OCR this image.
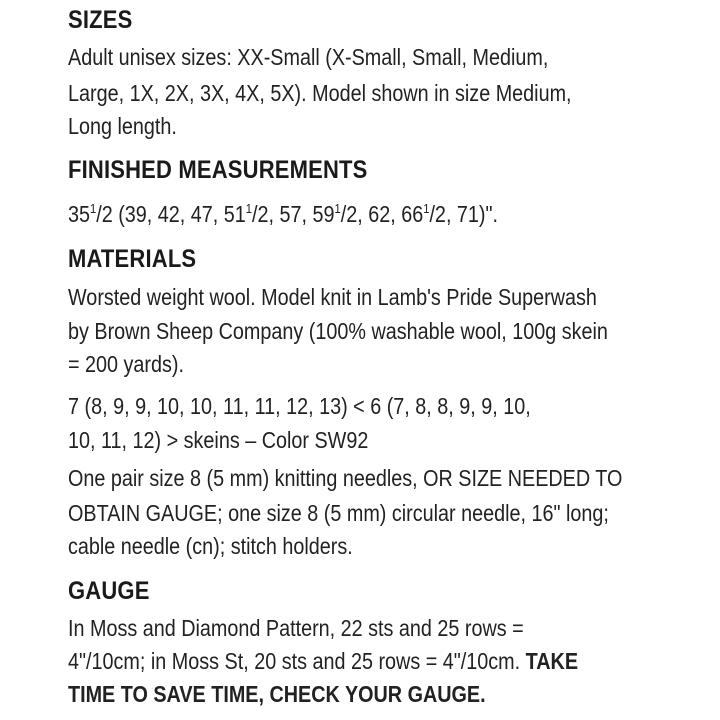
SIZES

Adult unisex sizes: XX-Small (X-Small, Small, Medium,

Large, 1X, 2X, 3X, 4X, 5X). Model shown in size Medium,

Long length.

FINISHED MEASUREMENTS

$35^1/2$ (39, 42, 47, $51^1/2$, 57, $59^1/2$, 62, $66^1/2$, 71)".

MATERIALS

Worsted weight wool. Model knit in Lamb's Pride Superwash

by Brown Sheep Company (100% washable wool, 100g skein

= 200 yards).

7 (8, 9, 9, 10, 10, 11, 11, 12, 13) < 6 (7, 8, 8, 9, 9, 10,

10, 11, 12) > skeins – Color SW92

One pair size 8 (5 mm) knitting needles, OR SIZE NEEDED TO

OBTAIN GAUGE; one size 8 (5 mm) circular needle, 16" long;

cable needle (cn); stitch holders.

GAUGE

In Moss and Diamond Pattern, 22 sts and 25 rows =

4"/10cm; in Moss St, 20 sts and 25 rows = 4"/10cm. TAKE

TIME TO SAVE TIME, CHECK YOUR GAUGE.
